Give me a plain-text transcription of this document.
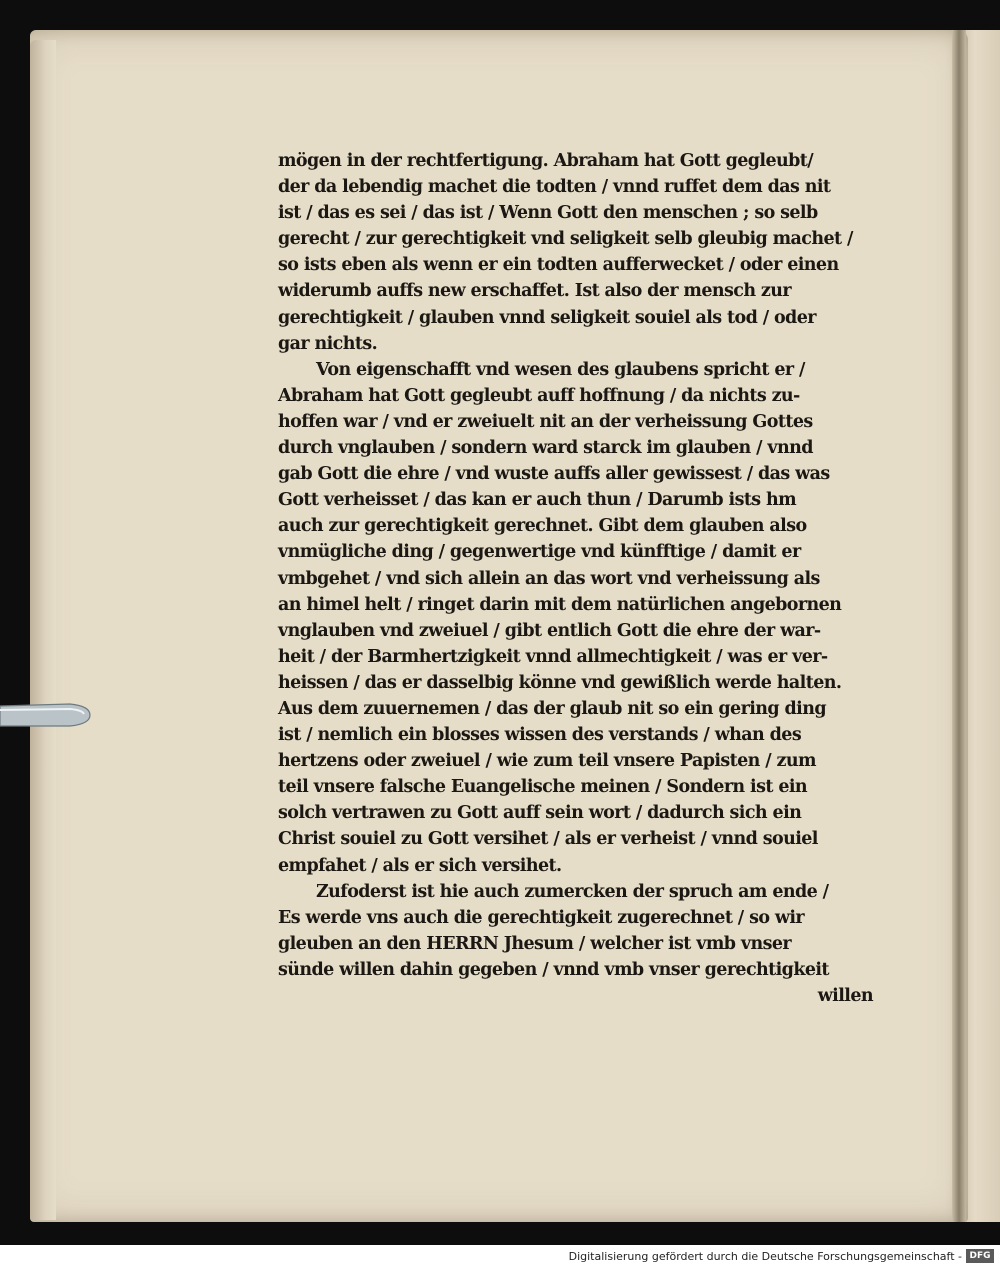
mögen in der rechtfertigung. Abraham hat Gott gegleubt/
der da lebendig machet die todten / vnnd ruffet dem das nit
ist / das es sei / das ist / Wenn Gott den menschen ; so selb
gerecht / zur gerechtigkeit vnd seligkeit selb gleubig machet /
so ists eben als wenn er ein todten aufferwecket / oder einen
widerumb auffs new erschaffet. Ist also der mensch zur
gerechtigkeit / glauben vnnd seligkeit souiel als tod / oder
gar nichts.
Von eigenschafft vnd wesen des glaubens spricht er /
Abraham hat Gott gegleubt auff hoffnung / da nichts zu-
hoffen war / vnd er zweiuelt nit an der verheissung Gottes
durch vnglauben / sondern ward starck im glauben / vnnd
gab Gott die ehre / vnd wuste auffs aller gewissest / das was
Gott verheisset / das kan er auch thun / Darumb ists hm
auch zur gerechtigkeit gerechnet. Gibt dem glauben also
vnmügliche ding / gegenwertige vnd künfftige / damit er
vmbgehet / vnd sich allein an das wort vnd verheissung als
an himel helt / ringet darin mit dem natürlichen angebornen
vnglauben vnd zweiuel / gibt entlich Gott die ehre der war-
heit / der Barmhertzigkeit vnnd allmechtigkeit / was er ver-
heissen / das er dasselbig könne vnd gewißlich werde halten.
Aus dem zuuernemen / das der glaub nit so ein gering ding
ist / nemlich ein blosses wissen des verstands / whan des
hertzens oder zweiuel / wie zum teil vnsere Papisten / zum
teil vnsere falsche Euangelische meinen / Sondern ist ein
solch vertrawen zu Gott auff sein wort / dadurch sich ein
Christ souiel zu Gott versihet / als er verheist / vnnd souiel
empfahet / als er sich versihet.
Zufoderst ist hie auch zumercken der spruch am ende /
Es werde vns auch die gerechtigkeit zugerechnet / so wir
gleuben an den HERRN Jhesum / welcher ist vmb vnser
sünde willen dahin gegeben / vnnd vmb vnser gerechtigkeit
willen
Digitalisierung gefördert durch die Deutsche Forschungsgemeinschaft - DFG
